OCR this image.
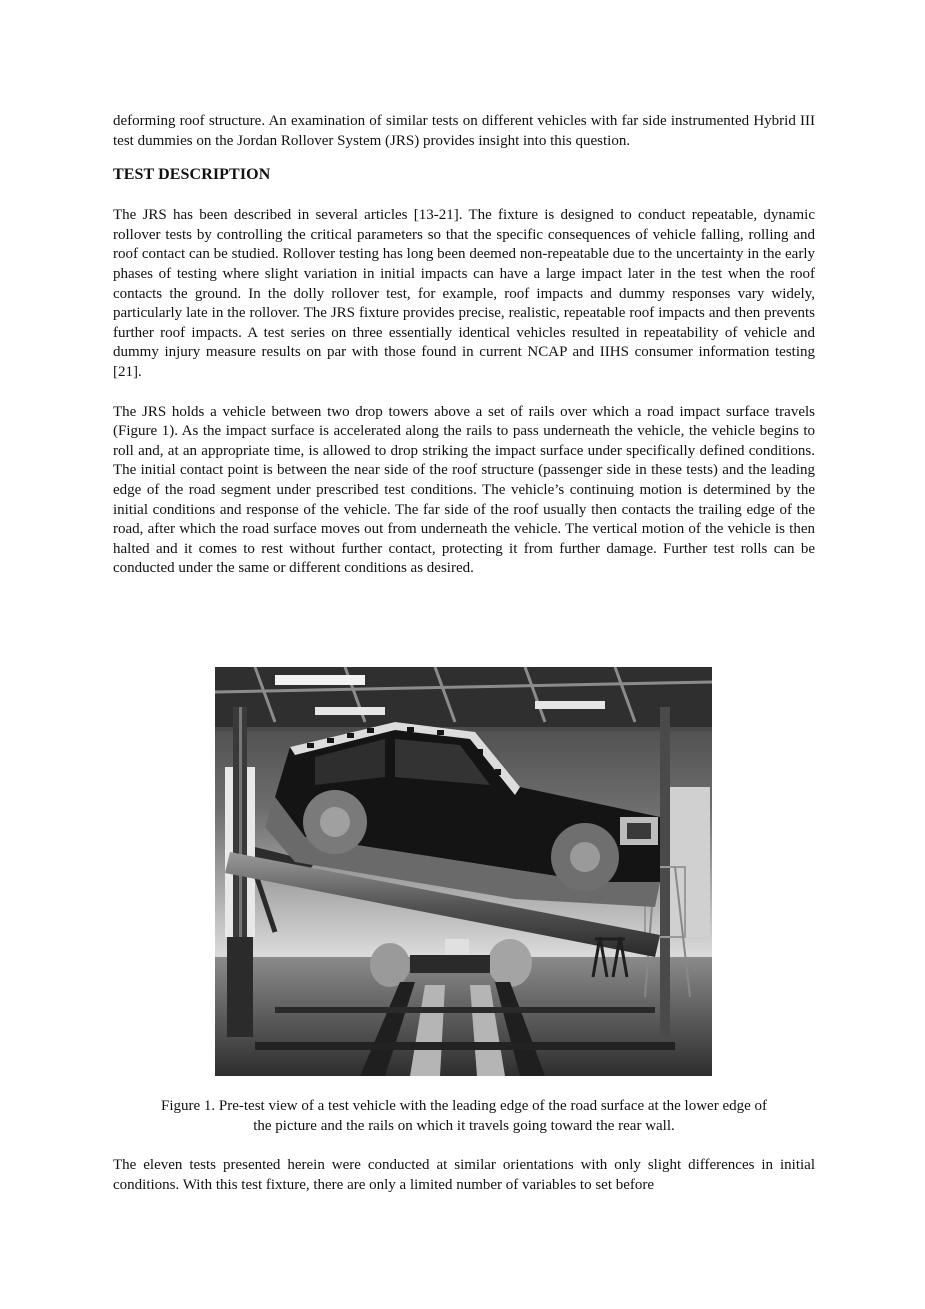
deforming roof structure. An examination of similar tests on different vehicles with far side instrumented Hybrid III test dummies on the Jordan Rollover System (JRS) provides insight into this question.

TEST DESCRIPTION

The JRS has been described in several articles [13-21]. The fixture is designed to conduct repeatable, dynamic rollover tests by controlling the critical parameters so that the specific consequences of vehicle falling, rolling and roof contact can be studied. Rollover testing has long been deemed non-repeatable due to the uncertainty in the early phases of testing where slight variation in initial impacts can have a large impact later in the test when the roof contacts the ground. In the dolly rollover test, for example, roof impacts and dummy responses vary widely, particularly late in the rollover. The JRS fixture provides precise, realistic, repeatable roof impacts and then prevents further roof impacts. A test series on three essentially identical vehicles resulted in repeatability of vehicle and dummy injury measure results on par with those found in current NCAP and IIHS consumer information testing [21].

The JRS holds a vehicle between two drop towers above a set of rails over which a road impact surface travels (Figure 1). As the impact surface is accelerated along the rails to pass underneath the vehicle, the vehicle begins to roll and, at an appropriate time, is allowed to drop striking the impact surface under specifically defined conditions. The initial contact point is between the near side of the roof structure (passenger side in these tests) and the leading edge of the road segment under prescribed test conditions. The vehicle’s continuing motion is determined by the initial conditions and response of the vehicle. The far side of the roof usually then contacts the trailing edge of the road, after which the road surface moves out from underneath the vehicle. The vertical motion of the vehicle is then halted and it comes to rest without further contact, protecting it from further damage. Further test rolls can be conducted under the same or different conditions as desired.

Figure 1. Pre-test view of a test vehicle with the leading edge of the road surface at the lower edge of
the picture and the rails on which it travels going toward the rear wall.

The eleven tests presented herein were conducted at similar orientations with only slight differences in initial conditions. With this test fixture, there are only a limited number of variables to set before
